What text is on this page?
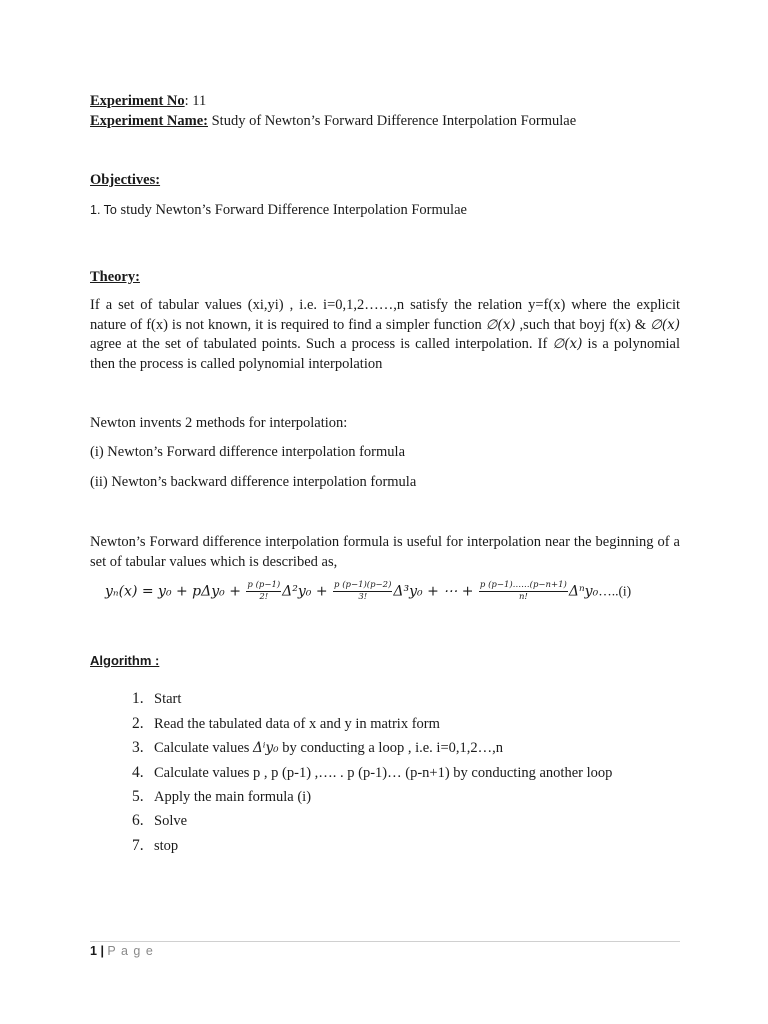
Experiment No: 11
Experiment Name: Study of Newton’s Forward Difference Interpolation Formulae
Objectives:
1. To study Newton’s Forward Difference Interpolation Formulae
Theory:
If a set of tabular values (xi,yi) , i.e. i=0,1,2……,n satisfy the relation y=f(x) where the explicit nature of f(x) is not known, it is required to find a simpler function ∅(x) ,such that boyj f(x) & ∅(x) agree at the set of tabulated points. Such a process is called interpolation. If ∅(x) is a polynomial then the process is called polynomial interpolation
Newton invents 2 methods for interpolation:
(i) Newton’s Forward difference interpolation formula
(ii) Newton’s backward difference interpolation formula
Newton’s Forward difference interpolation formula is useful for interpolation near the beginning of a set of tabular values which is described as,
$y_n(x) = y_0 + p\Delta y_0 + \frac{p (p-1)}{2!} \Delta^2y_0 + \frac{p (p-1)(p-2)}{3!} \Delta^3y_0$ + ⋯ + $\frac{p (p-1)\dots\dots(p-n+1)}{n!}$ Δⁿy₀…..(i)
Algorithm :
1. Start
2. Read the tabulated data of x and y in matrix form
3. Calculate values Δⁱy₀ by conducting a loop , i.e. i=0,1,2…,n
4. Calculate values p , p (p-1) ,…. . p (p-1)… (p-n+1) by conducting another loop
5. Apply the main formula (i)
6. Solve
7. stop
1 | P a g e
